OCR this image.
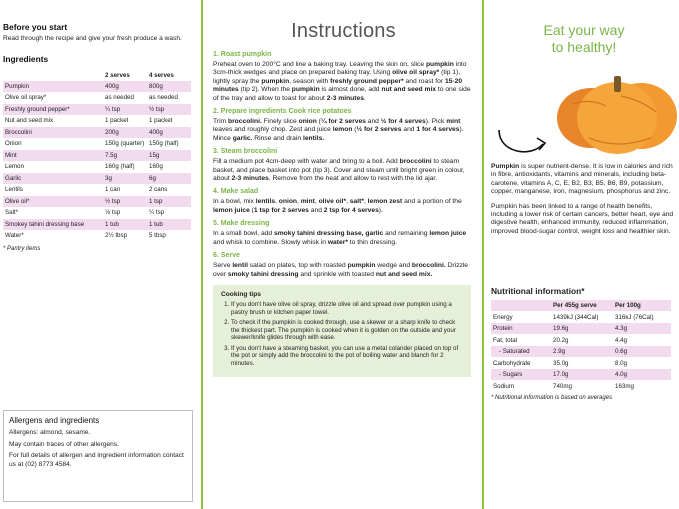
Before you start

Read through the recipe and give your fresh produce a wash.

Ingredients
	2 serves	4 serves
Pumpkin	400g	800g
Olive oil spray*	as needed	as needed
Freshly ground pepper*	¼ tsp	½ tsp
Nut and seed mix	1 packet	1 packet
Broccolini	200g	400g
Onion	150g (quarter)	150g (half)
Mint	7.5g	15g
Lemon	160g (half)	160g
Garlic	3g	6g
Lentils	1 can	2 cans
Olive oil*	½ tsp	1 tsp
Salt*	⅛ tsp	¼ tsp
Smokey tahini dressing base	1 tub	1 tub
Water*	2½ tbsp	5 tbsp
* Pantry items
Allergens and ingredients

Allergens: almond, sesame.

May contain traces of other allergens.

For full details of allergen and ingredient information contact us at (02) 8773 4584.

Instructions
1. Roast pumpkin

Preheat oven to 200°C and line a baking tray. Leaving the skin on, slice pumpkin into 3cm-thick wedges and place on prepared baking tray. Using olive oil spray* (tip 1), lightly spray the pumpkin, season with freshly ground pepper* and roast for 15-20 minutes (tip 2). When the pumpkin is almost done, add nut and seed mix to one side of the tray and allow to toast for about 2-3 minutes.

2. Prepare ingredients Cook rice potatoes

Trim broccolini. Finely slice onion (¼ for 2 serves and ½ for 4 serves). Pick mint leaves and roughly chop. Zest and juice lemon (½ for 2 serves and 1 for 4 serves). Mince garlic. Rinse and drain lentils.

3. Steam broccolini

Fill a medium pot 4cm-deep with water and bring to a boil. Add broccolini to steam basket, and place basket into pot (tip 3). Cover and steam until bright green in colour, about 2-3 minutes. Remove from the heat and allow to rest with the lid ajar.

4. Make salad

In a bowl, mix lentils, onion, mint, olive oil*, salt*, lemon zest and a portion of the lemon juice (1 tsp for 2 serves and 2 tsp for 4 serves).

5. Make dressing

In a small bowl, add smoky tahini dressing base, garlic and remaining lemon juice and whisk to combine. Slowly whisk in water* to thin dressing.

6. Serve

Serve lentil salad on plates, top with roasted pumpkin wedge and broccolini. Drizzle over smoky tahini dressing and sprinkle with toasted nut and seed mix.

Cooking tips
1. If you don't have olive oil spray, drizzle olive oil and spread over pumpkin using a pastry brush or kitchen paper towel.
2. To check if the pumpkin is cooked through, use a skewer or a sharp knife to check the thickest part. The pumpkin is cooked when it is golden on the outside and your skewer/knife glides through with ease.
3. If you don't have a steaming basket, you can use a metal colander placed on top of the pot or simply add the broccolini to the pot of boiling water and blanch for 2 minutes.
Eat your way
to healthy!

Pumpkin is super nutrient-dense. It is low in calories and rich in fibre, antioxidants, vitamins and minerals, including beta-carotene, vitamins A, C, E, B2, B3, B5, B6, B9, potassium, copper, manganese, iron, magnesium, phosphorus and zinc.

Pumpkin has been linked to a range of health benefits, including a lower risk of certain cancers, better heart, eye and digestive health, enhanced immunity, reduced inflammation, improved blood-sugar control, weight loss and healthier skin.

Nutritional information*
	Per 455g serve	Per 100g
Energy	1439kJ (344Cal)	316kJ (76Cal)
Protein	19.6g	4.3g
Fat, total	20.2g	4.4g
- Saturated	2.9g	0.6g
Carbohydrate	35.0g	8.0g
- Sugars	17.0g	4.0g
Sodium	740mg	163mg
* Nutritional information is based on averages
